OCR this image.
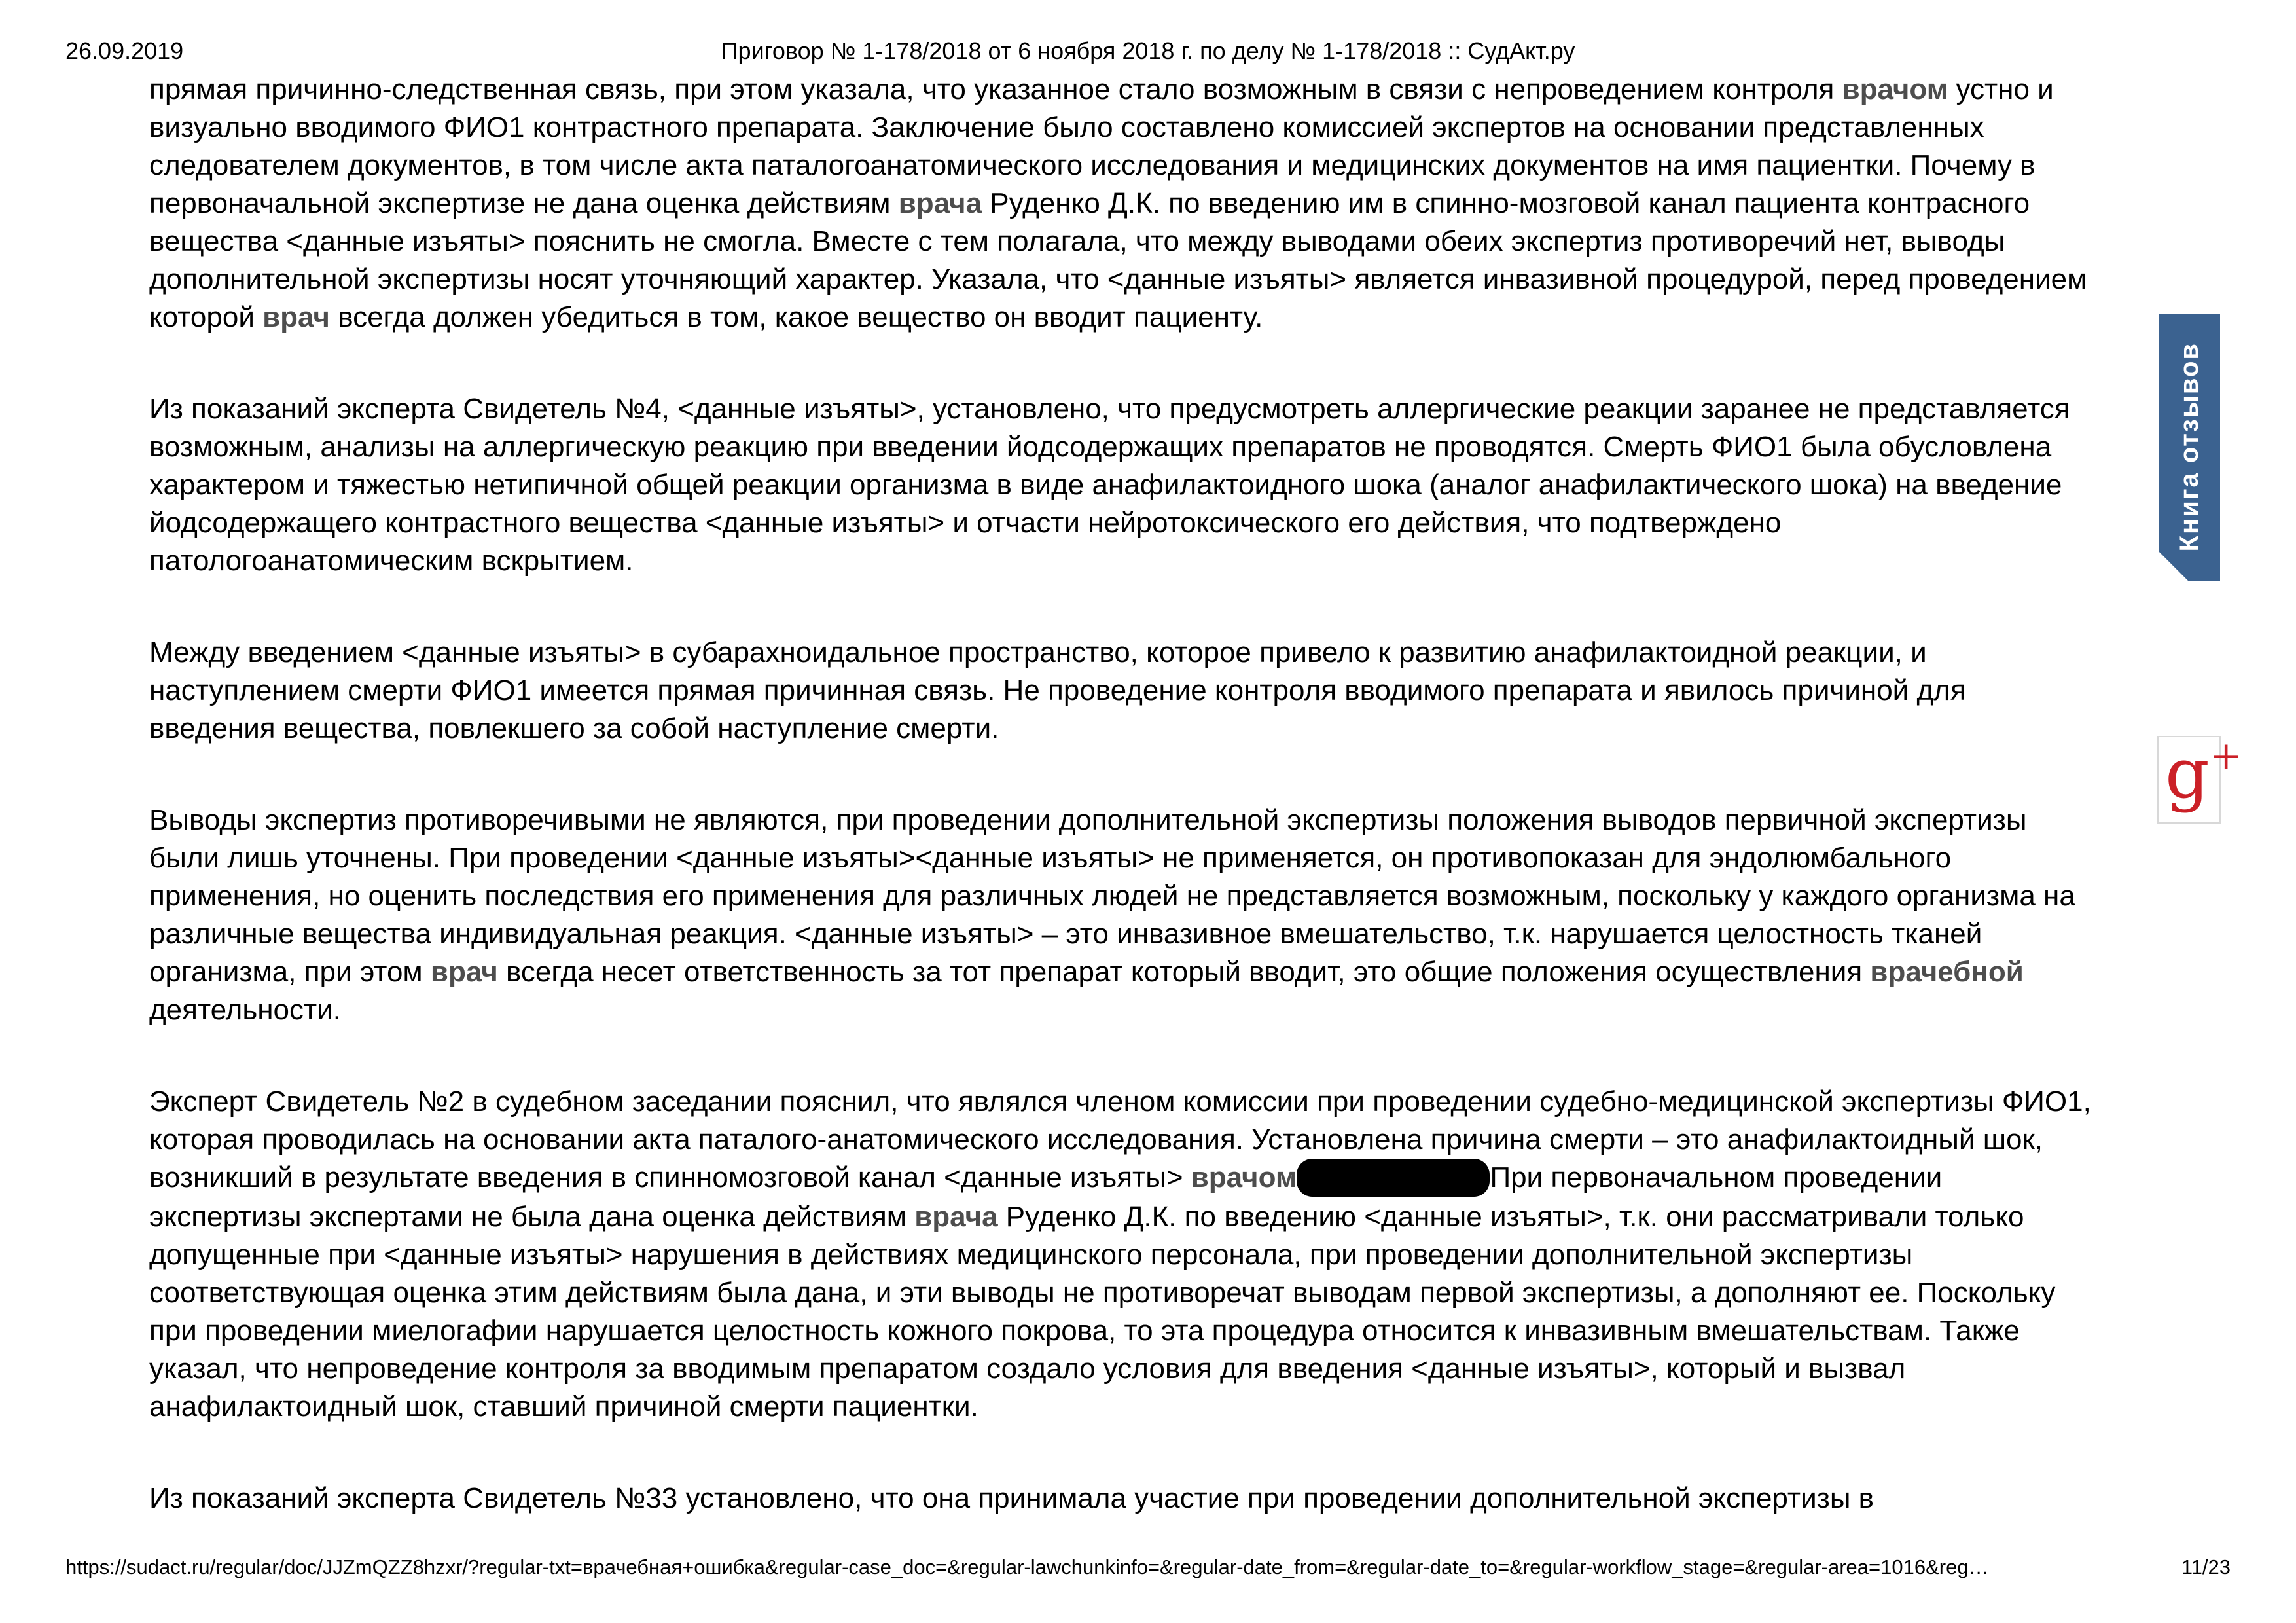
26.09.2019	Приговор № 1-178/2018 от 6 ноября 2018 г. по делу № 1-178/2018 :: СудАкт.ру

прямая причинно-следственная связь, при этом указала, что указанное стало возможным в связи с непроведением контроля врачом устно и визуально вводимого ФИО1 контрастного препарата. Заключение было составлено комиссией экспертов на основании представленных следователем документов, в том числе акта паталогоанатомического исследования и медицинских документов на имя пациентки. Почему в первоначальной экспертизе не дана оценка действиям врача Руденко Д.К. по введению им в спинно-мозговой канал пациента контрасного вещества <данные изъяты> пояснить не смогла. Вместе с тем полагала, что между выводами обеих экспертиз противоречий нет, выводы дополнительной экспертизы носят уточняющий характер. Указала, что <данные изъяты> является инвазивной процедурой, перед проведением которой врач всегда должен убедиться в том, какое вещество он вводит пациенту.

Из показаний эксперта Свидетель №4, <данные изъяты>, установлено, что предусмотреть аллергические реакции заранее не представляется возможным, анализы на аллергическую реакцию при введении йодсодержащих препаратов не проводятся. Смерть ФИО1 была обусловлена характером и тяжестью нетипичной общей реакции организма в виде анафилактоидного шока (аналог анафилактического шока) на введение йодсодержащего контрастного вещества <данные изъяты> и отчасти нейротоксического его действия, что подтверждено патологоанатомическим вскрытием.

Между введением <данные изъяты> в субарахноидальное пространство, которое привело к развитию анафилактоидной реакции, и наступлением смерти ФИО1 имеется прямая причинная связь. Не проведение контроля вводимого препарата и явилось причиной для введения вещества, повлекшего за собой наступление смерти.

Выводы экспертиз противоречивыми не являются, при проведении дополнительной экспертизы положения выводов первичной экспертизы были лишь уточнены. При проведении <данные изъяты><данные изъяты> не применяется, он противопоказан для эндолюмбального применения, но оценить последствия его применения для различных людей не представляется возможным, поскольку у каждого организма на различные вещества индивидуальная реакция. <данные изъяты> – это инвазивное вмешательство, т.к. нарушается целостность тканей организма, при этом врач всегда несет ответственность за тот препарат который вводит, это общие положения осуществления врачебной деятельности.

Эксперт Свидетель №2 в судебном заседании пояснил, что являлся членом комиссии при проведении судебно-медицинской экспертизы ФИО1, которая проводилась на основании акта паталого-анатомического исследования. Установлена причина смерти – это анафилактоидный шок, возникший в результате введения в спинномозговой канал <данные изъяты> врачом	При первоначальном проведении экспертизы экспертами не была дана оценка действиям врача Руденко Д.К. по введению <данные изъяты>, т.к. они рассматривали только допущенные при <данные изъяты> нарушения в действиях медицинского персонала, при проведении дополнительной экспертизы соответствующая оценка этим действиям была дана, и эти выводы не противоречат выводам первой экспертизы, а дополняют ее. Поскольку при проведении миелогафии нарушается целостность кожного покрова, то эта процедура относится к инвазивным вмешательствам. Также указал, что непроведение контроля за вводимым препаратом создало условия для введения <данные изъяты>, который и вызвал анафилактоидный шок, ставший причиной смерти пациентки.

Из показаний эксперта Свидетель №33 установлено, что она принимала участие при проведении дополнительной экспертизы в

Книга отзывов
g+
https://sudact.ru/regular/doc/JJZmQZZ8hzxr/?regular-txt=врачебная+ошибка&regular-case_doc=&regular-lawchunkinfo=&regular-date_from=&regular-date_to=&regular-workflow_stage=&regular-area=1016&reg…	11/23
